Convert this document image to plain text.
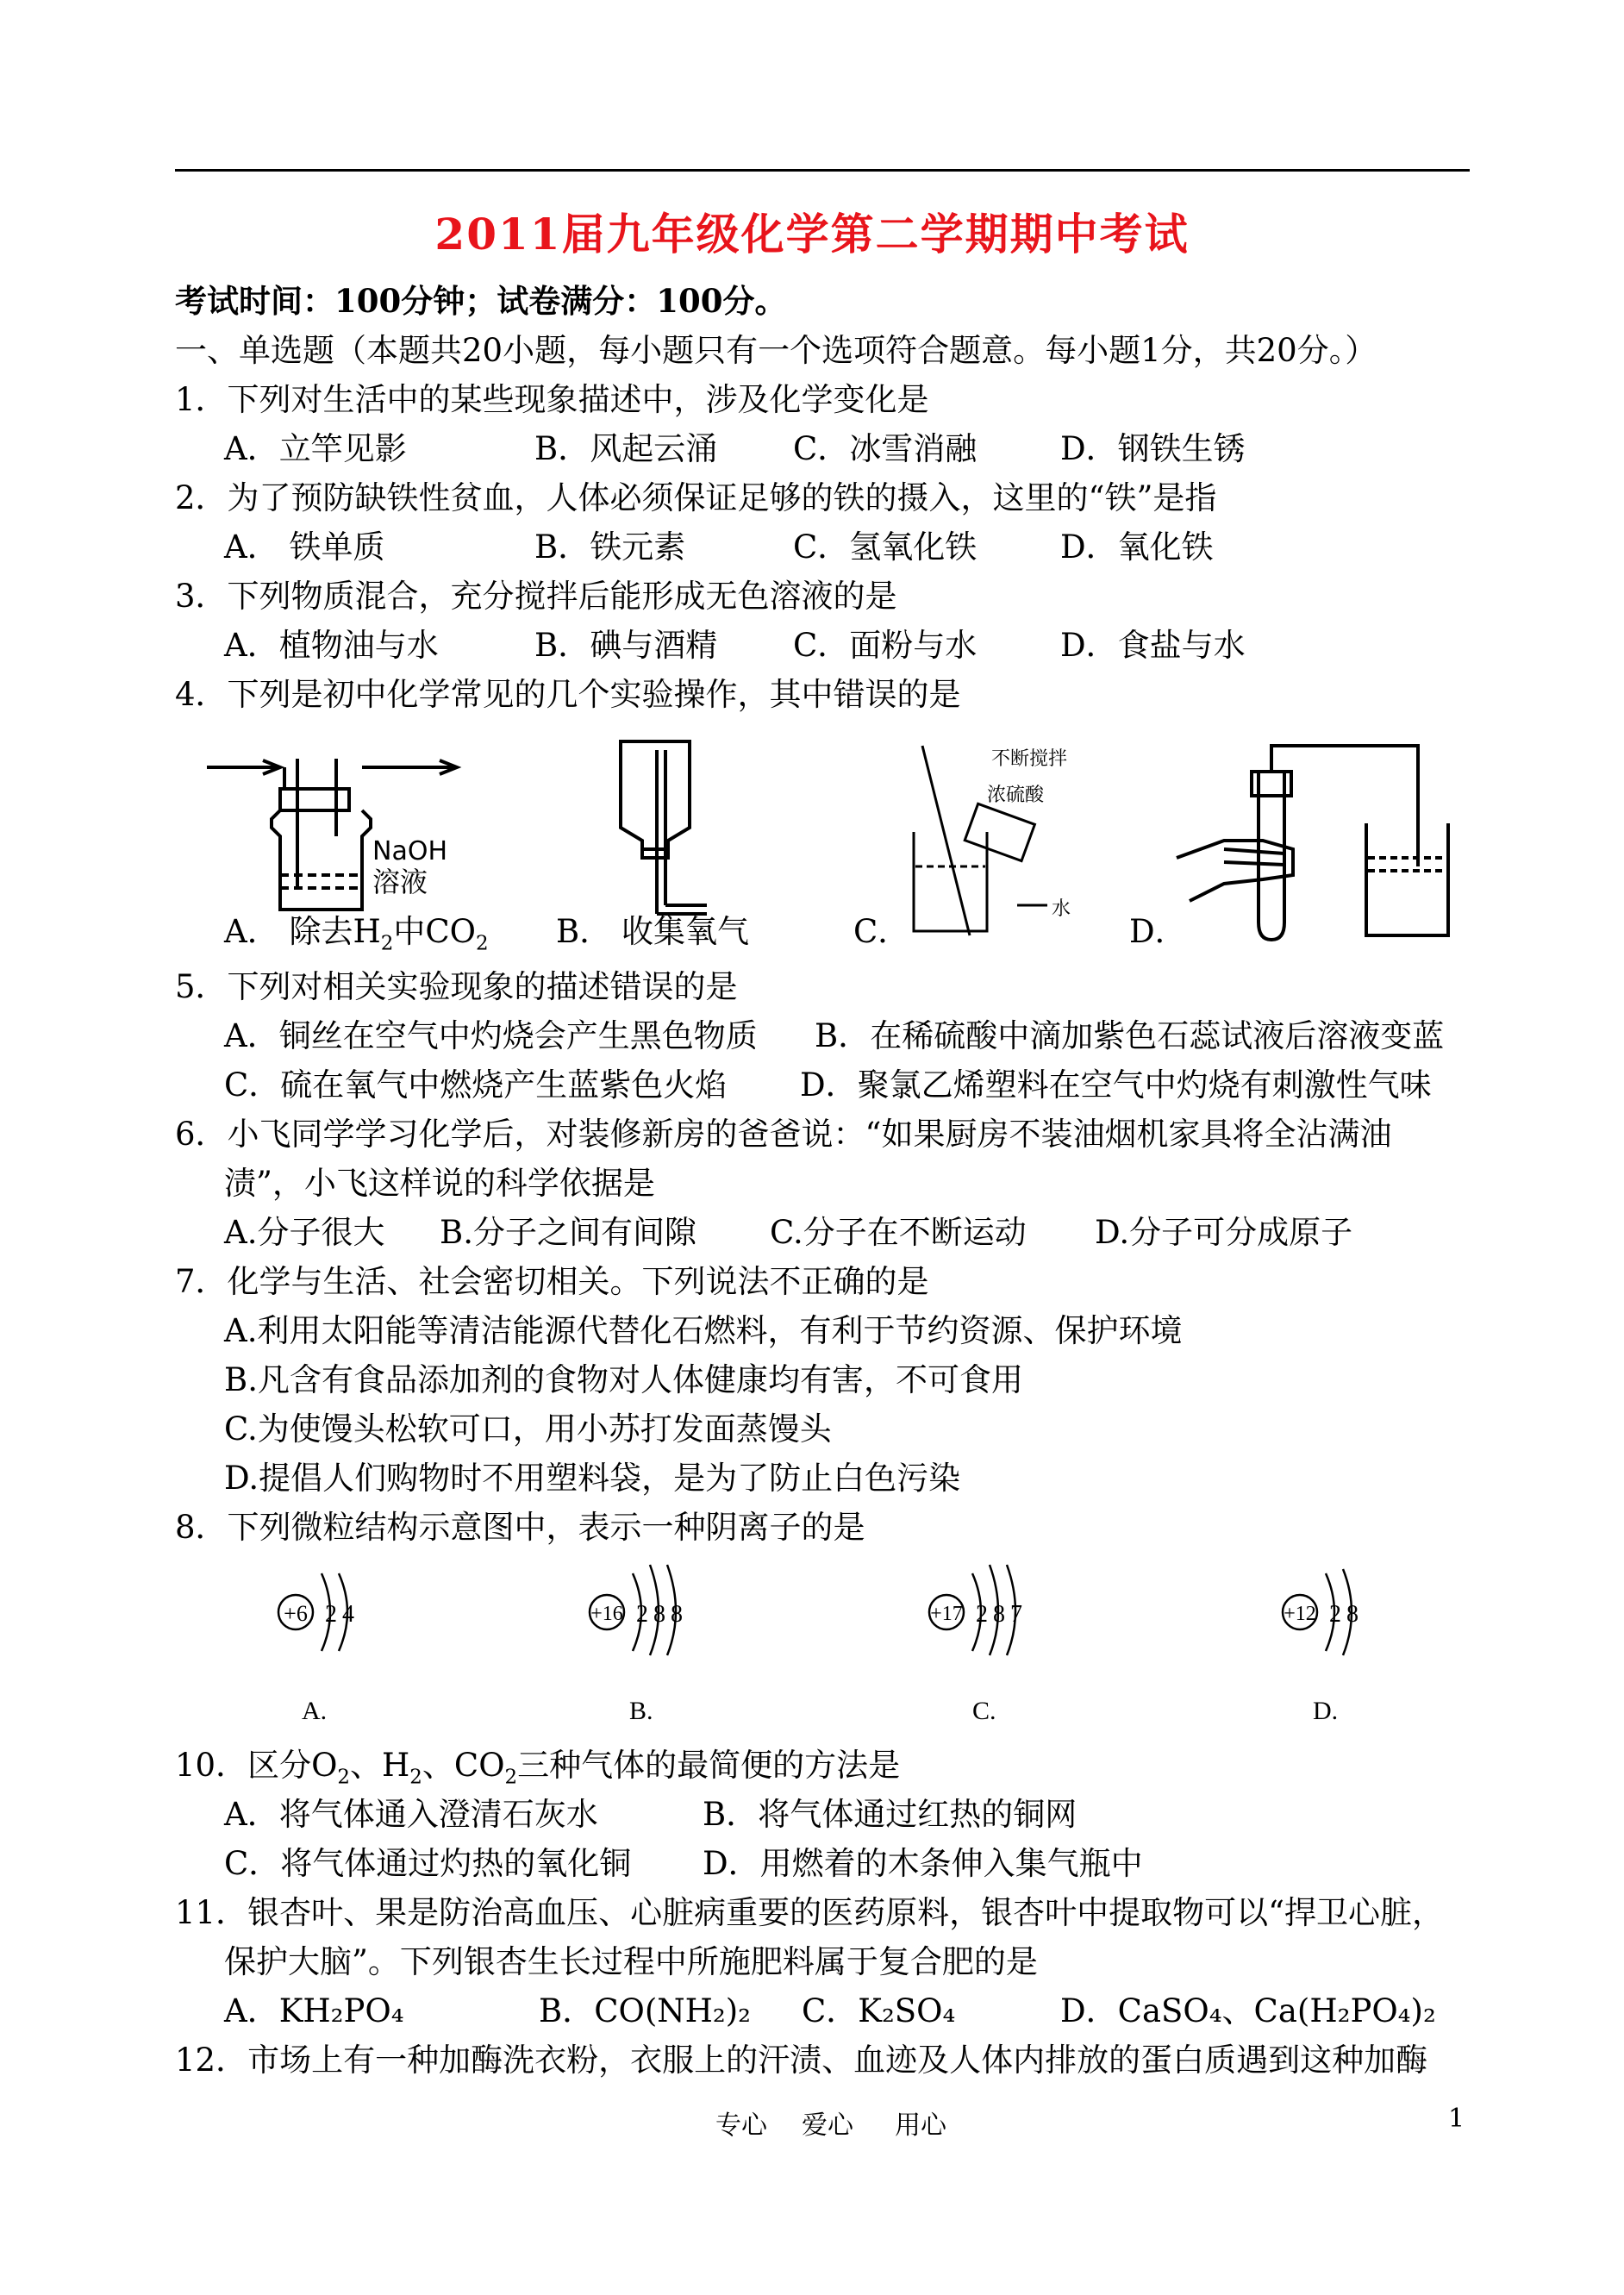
2011届九年级化学第二学期期中考试
考试时间：100分钟；试卷满分：100分。
一、单选题（本题共20小题，每小题只有一个选项符合题意。每小题1分，共20分。）
1．下列对生活中的某些现象描述中，涉及化学变化是
A．立竿见影	B．风起云涌 C．冰雪消融	D．钢铁生锈
2．为了预防缺铁性贫血，人体必须保证足够的铁的摄入，这里的“铁”是指
A． 铁单质	B．铁元素	C．氢氧化铁	D．氧化铁
3．下列物质混合，充分搅拌后能形成无色溶液的是
A．植物油与水	B．碘与酒精 C．面粉与水	D．食盐与水
4．下列是初中化学常见的几个实验操作，其中错误的是
NaOH
溶液
不断搅拌
浓硫酸
水
A． 除去$H_2$中$CO_2$ B． 收集氧气	C．	D．
5．下列对相关实验现象的描述错误的是
A．铜丝在空气中灼烧会产生黑色物质 B．在稀硫酸中滴加紫色石蕊试液后溶液变蓝
C．硫在氧气中燃烧产生蓝紫色火焰 D．聚氯乙烯塑料在空气中灼烧有刺激性气味
6．小飞同学学习化学后，对装修新房的爸爸说：“如果厨房不装油烟机家具将全沾满油
渍”，小飞这样说的科学依据是
A.分子很大 B.分子之间有间隙 C.分子在不断运动 D.分子可分成原子
7．化学与生活、社会密切相关。下列说法不正确的是
A.利用太阳能等清洁能源代替化石燃料，有利于节约资源、保护环境
B.凡含有食品添加剂的食物对人体健康均有害，不可食用
C.为使馒头松软可口，用小苏打发面蒸馒头
D.提倡人们购物时不用塑料袋，是为了防止白色污染
8．下列微粒结构示意图中，表示一种阴离子的是
+6 2 4	+16 2 8 8	+17 2 8 7	+12 2 8
A.	B.	C.	D.
10．区分$O_2$、$H_2$、$CO_2$三种气体的最简便的方法是
A．将气体通入澄清石灰水	B．将气体通过红热的铜网
C．将气体通过灼热的氧化铜 D．用燃着的木条伸入集气瓶中
11．银杏叶、果是防治高血压、心脏病重要的医药原料，银杏叶中提取物可以“捍卫心脏，
保护大脑”。下列银杏生长过程中所施肥料属于复合肥的是
A．KH₂PO₄	B．CO(NH₂)₂ C．K₂SO₄	D．CaSO₄、Ca(H₂PO₄)₂
12．市场上有一种加酶洗衣粉，衣服上的汗渍、血迹及人体内排放的蛋白质遇到这种加酶
专心 爱心 用心	1
